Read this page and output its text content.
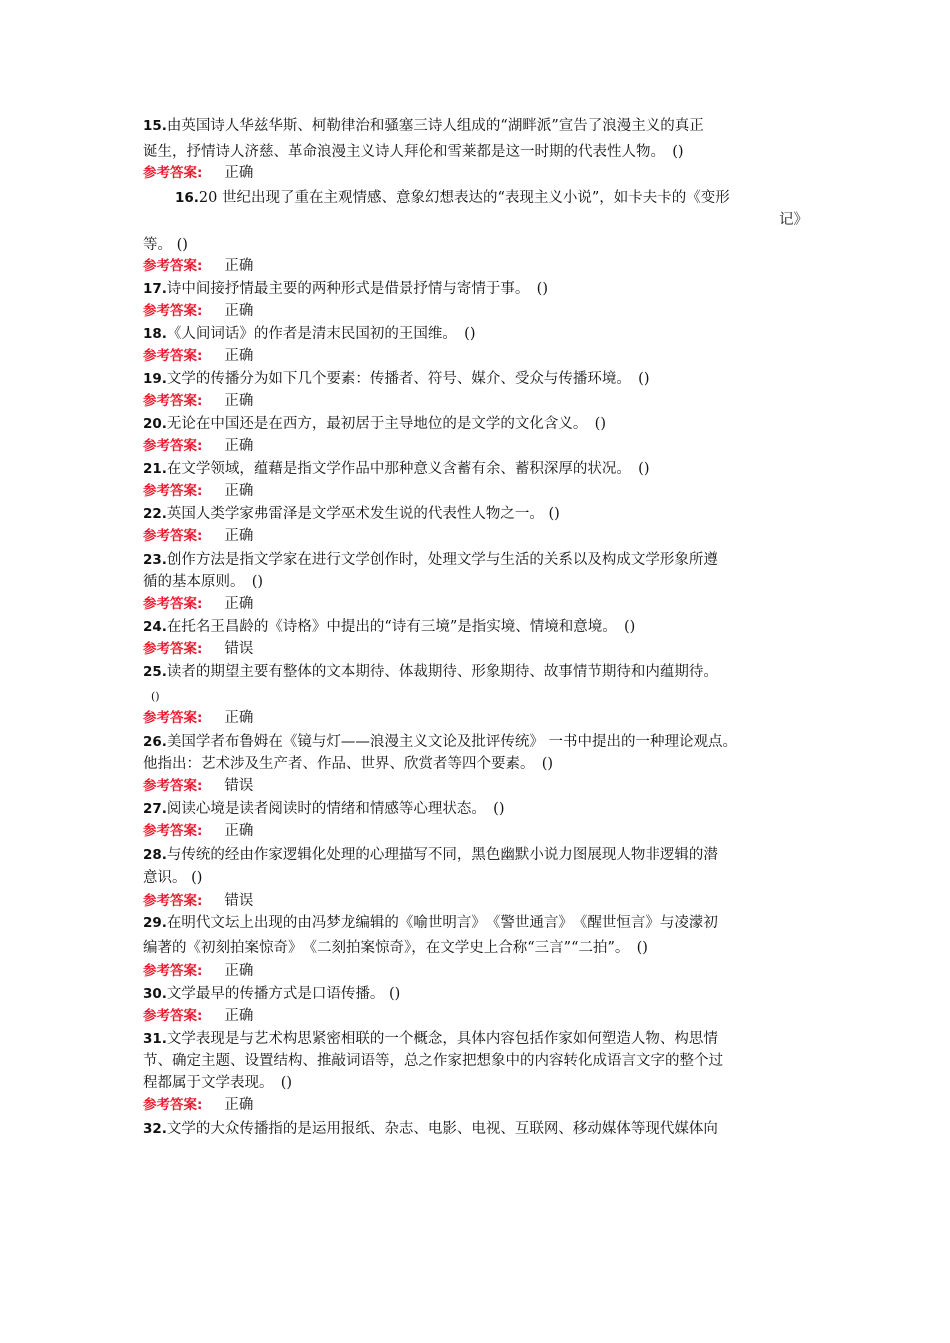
15.由英国诗人华兹华斯、柯勒律治和骚塞三诗人组成的“湖畔派”宣告了浪漫主义的真正
诞生，抒情诗人济慈、革命浪漫主义诗人拜伦和雪莱都是这一时期的代表性人物。　()
参考答案: 正确
16.20 世纪出现了重在主观情感、意象幻想表达的“表现主义小说”，如卡夫卡的《变形
记》
等。 ()
参考答案: 正确
17.诗中间接抒情最主要的两种形式是借景抒情与寄情于事。　()
参考答案: 正确
18.《人间词话》的作者是清末民国初的王国维。　()
参考答案: 正确
19.文学的传播分为如下几个要素：传播者、符号、媒介、受众与传播环境。　()
参考答案: 正确
20.无论在中国还是在西方，最初居于主导地位的是文学的文化含义。　()
参考答案: 正确
21.在文学领域，蕴藉是指文学作品中那种意义含蓄有余、蓄积深厚的状况。　()
参考答案: 正确
22.英国人类学家弗雷泽是文学巫术发生说的代表性人物之一。 ()
参考答案: 正确
23.创作方法是指文学家在进行文学创作时，处理文学与生活的关系以及构成文学形象所遵
循的基本原则。　()
参考答案: 正确
24.在托名王昌龄的《诗格》中提出的“诗有三境”是指实境、情境和意境。　()
参考答案: 错误
25.读者的期望主要有整体的文本期待、体裁期待、形象期待、故事情节期待和内蕴期待。
()
参考答案: 正确
26.美国学者布鲁姆在《镜与灯——浪漫主义文论及批评传统》 一书中提出的一种理论观点。
他指出：艺术涉及生产者、作品、世界、欣赏者等四个要素。　()
参考答案: 错误
27.阅读心境是读者阅读时的情绪和情感等心理状态。　()
参考答案: 正确
28.与传统的经由作家逻辑化处理的心理描写不同，黑色幽默小说力图展现人物非逻辑的潜
意识。 ()
参考答案: 错误
29.在明代文坛上出现的由冯梦龙编辑的《喻世明言》　《警世通言》　《醒世恒言》与凌濛初
编著的《初刻拍案惊奇》　《二刻拍案惊奇》，在文学史上合称“三言”“二拍”。　()
参考答案: 正确
30.文学最早的传播方式是口语传播。 ()
参考答案: 正确
31.文学表现是与艺术构思紧密相联的一个概念，具体内容包括作家如何塑造人物、构思情
节、确定主题、设置结构、推敲词语等，总之作家把想象中的内容转化成语言文字的整个过
程都属于文学表现。　()
参考答案: 正确
32.文学的大众传播指的是运用报纸、杂志、电影、电视、互联网、移动媒体等现代媒体向
